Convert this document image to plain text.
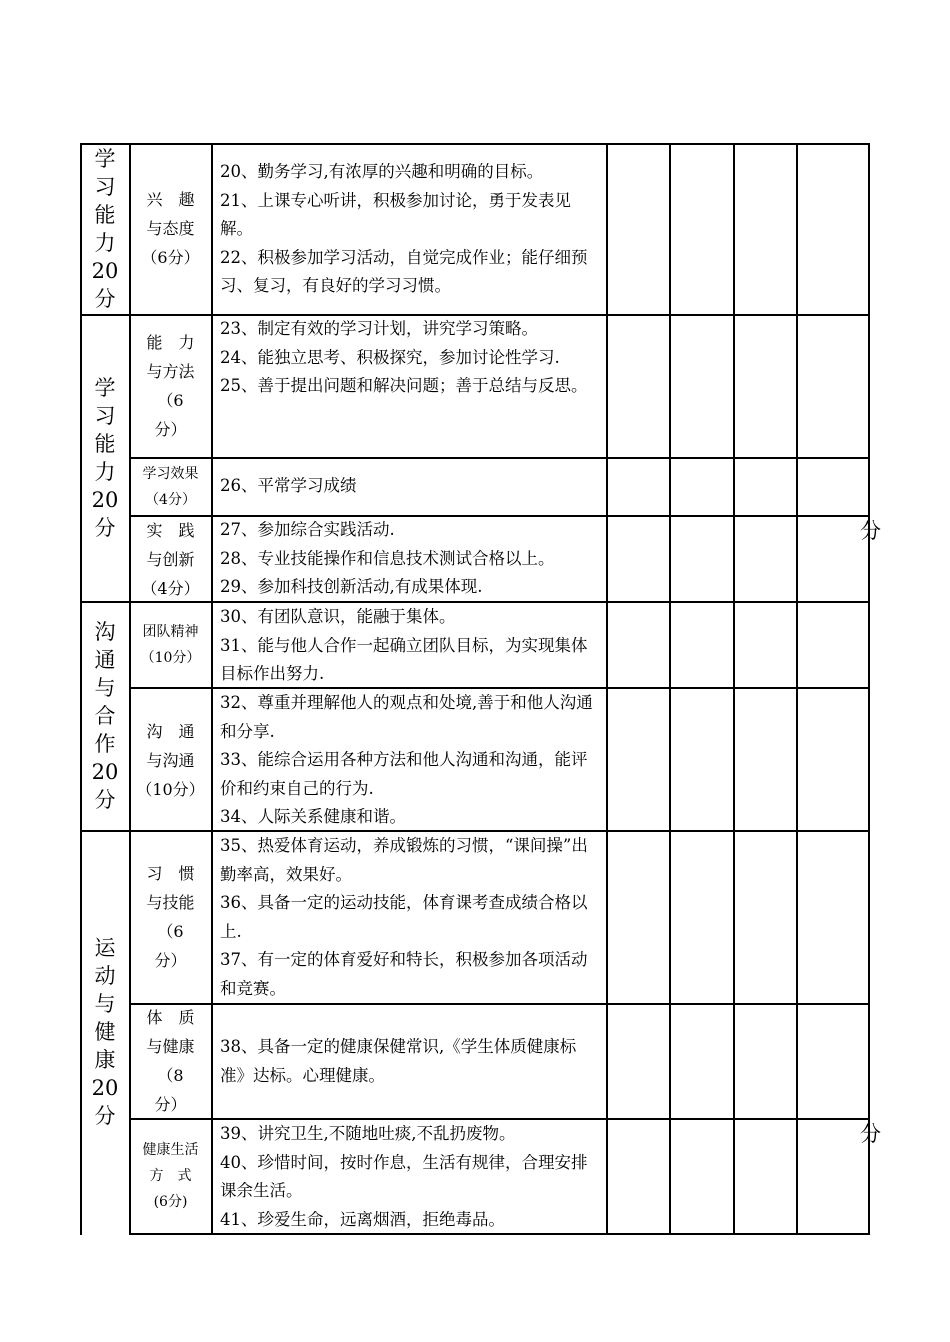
学
习
能
力
20
分
兴　趣
与态度
（6分）

20、勤务学习,有浓厚的兴趣和明确的目标。

21、上课专心听讲，积极参加讨论，勇于发表见解。

22、积极参加学习活动，自觉完成作业；能仔细预习、复习，有良好的学习习惯。

学
习
能
力
20
分
能　力
与方法
（6
分）

23、制定有效的学习计划，讲究学习策略。

24、能独立思考、积极探究，参加讨论性学习.

25、善于提出问题和解决问题；善于总结与反思。

学习效果
（4分）

26、平常学习成绩

实　践
与创新
（4分）

27、参加综合实践活动.

28、专业技能操作和信息技术测试合格以上。

29、参加科技创新活动,有成果体现.

沟
通
与
合
作
20
分
团队精神
（10分）

30、有团队意识，能融于集体。

31、能与他人合作一起确立团队目标，为实现集体目标作出努力.

沟　通
与沟通
（10分）

32、尊重并理解他人的观点和处境,善于和他人沟通和分享.

33、能综合运用各种方法和他人沟通和沟通，能评价和约束自己的行为.

34、人际关系健康和谐。

运
动
与
健
康
20
分
习　惯
与技能
（6
分）

35、热爱体育运动，养成锻炼的习惯，“课间操”出勤率高，效果好。

36、具备一定的运动技能，体育课考查成绩合格以上.

37、有一定的体育爱好和特长，积极参加各项活动和竞赛。

体　质
与健康
（8
分）

38、具备一定的健康保健常识,《学生体质健康标准》达标。心理健康。

健康生活
方　式
(6分)

39、讲究卫生,不随地吐痰,不乱扔废物。

40、珍惜时间，按时作息，生活有规律，合理安排课余生活。

41、珍爱生命，远离烟酒，拒绝毒品。

分
分
